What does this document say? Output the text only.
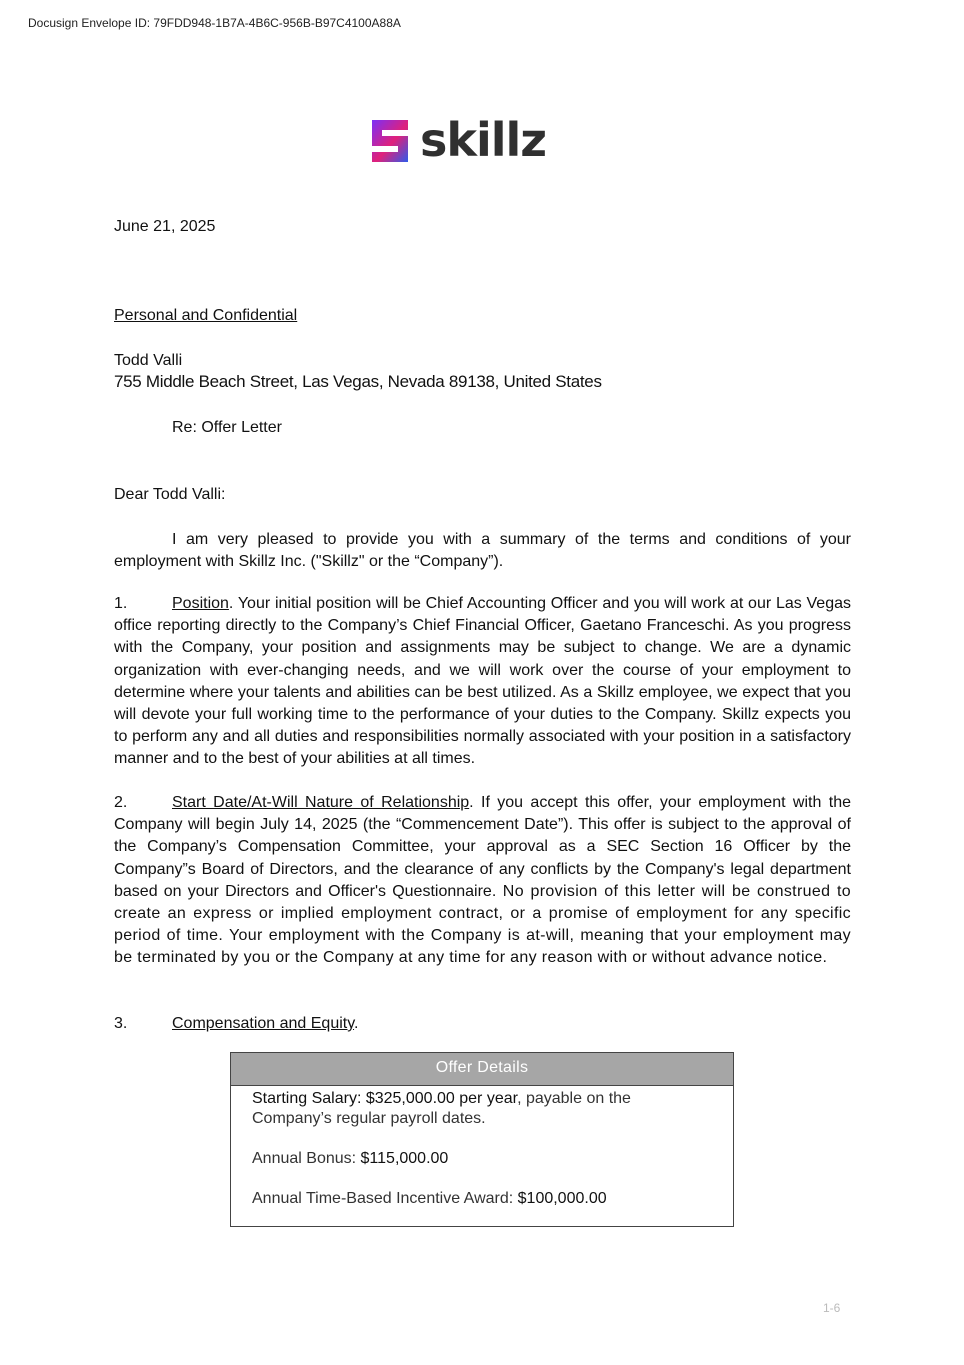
Docusign Envelope ID: 79FDD948-1B7A-4B6C-956B-B97C4100A88A
skillz
June 21, 2025
Personal and Confidential
Todd Valli
755 Middle Beach Street, Las Vegas, Nevada 89138, United States
Re: Offer Letter
Dear Todd Valli:
I am very pleased to provide you with a summary of the terms and conditions of your employment with Skillz Inc. ("Skillz" or the “Company”).
1.	Position. Your initial position will be Chief Accounting Officer and you will work at our Las Vegas office reporting directly to the Company’s Chief Financial Officer, Gaetano Franceschi. As you progress with the Company, your position and assignments may be subject to change. We are a dynamic organization with ever-changing needs, and we will work over the course of your employment to determine where your talents and abilities can be best utilized. As a Skillz employee, we expect that you will devote your full working time to the performance of your duties to the Company. Skillz expects you to perform any and all duties and responsibilities normally associated with your position in a satisfactory manner and to the best of your abilities at all times.
2.	Start Date/At-Will Nature of Relationship. If you accept this offer, your employment with the Company will begin July 14, 2025 (the “Commencement Date”). This offer is subject to the approval of the Company’s Compensation Committee, your approval as a SEC Section 16 Officer by the Company”s Board of Directors, and the clearance of any conflicts by the Company's legal department based on your Directors and Officer's Questionnaire. No provision of this letter will be construed to create an express or implied employment contract, or a promise of employment for any specific period of time. Your employment with the Company is at-will, meaning that your employment may be terminated by you or the Company at any time for any reason with or without advance notice.
3.	Compensation and Equity.
Offer Details

Starting Salary: $325,000.00 per year, payable on the Company’s regular payroll dates.

Annual Bonus: $115,000.00

Annual Time-Based Incentive Award: $100,000.00

1-6
